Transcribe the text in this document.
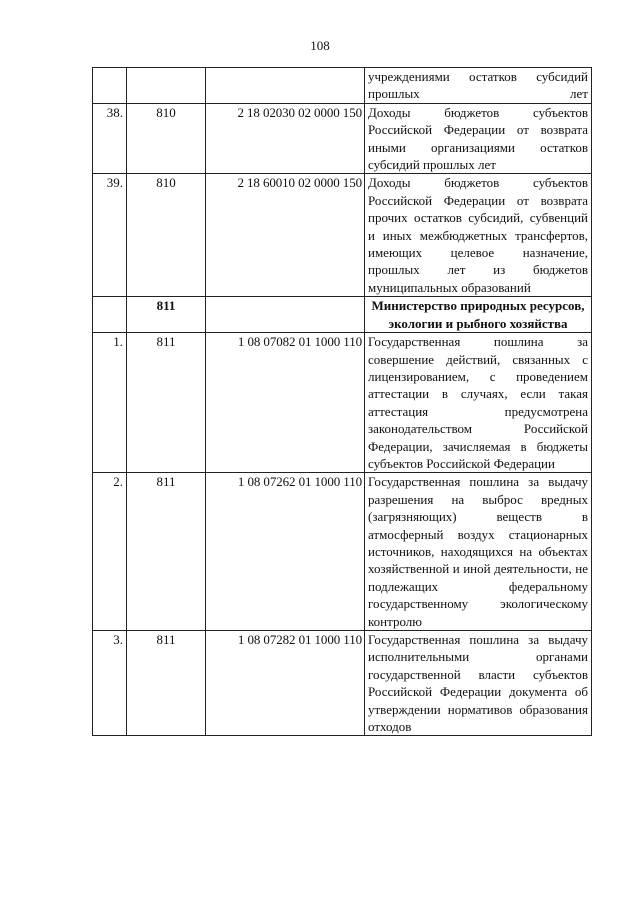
108
			учреждениями остатков субсидий прошлых лет
38.	810	2 18 02030 02 0000 150	Доходы бюджетов субъектов Российской Федерации от возврата иными организациями остатков субсидий прошлых лет
39.	810	2 18 60010 02 0000 150	Доходы бюджетов субъектов Российской Федерации от возврата прочих остатков субсидий, субвенций и иных межбюджетных трансфертов, имеющих целевое назначение, прошлых лет из бюджетов муниципальных образований
	811		Министерство природных ресурсов, экологии и рыбного хозяйства
1.	811	1 08 07082 01 1000 110	Государственная пошлина за совершение действий, связанных с лицензированием, с проведением аттестации в случаях, если такая аттестация предусмотрена законодательством Российской Федерации, зачисляемая в бюджеты субъектов Российской Федерации
2.	811	1 08 07262 01 1000 110	Государственная пошлина за выдачу разрешения на выброс вредных (загрязняющих) веществ в атмосферный воздух стационарных источников, находящихся на объектах хозяйственной и иной деятельности, не подлежащих федеральному государственному экологическому контролю
3.	811	1 08 07282 01 1000 110	Государственная пошлина за выдачу исполнительными органами государственной власти субъектов Российской Федерации документа об утверждении нормативов образования отходов
